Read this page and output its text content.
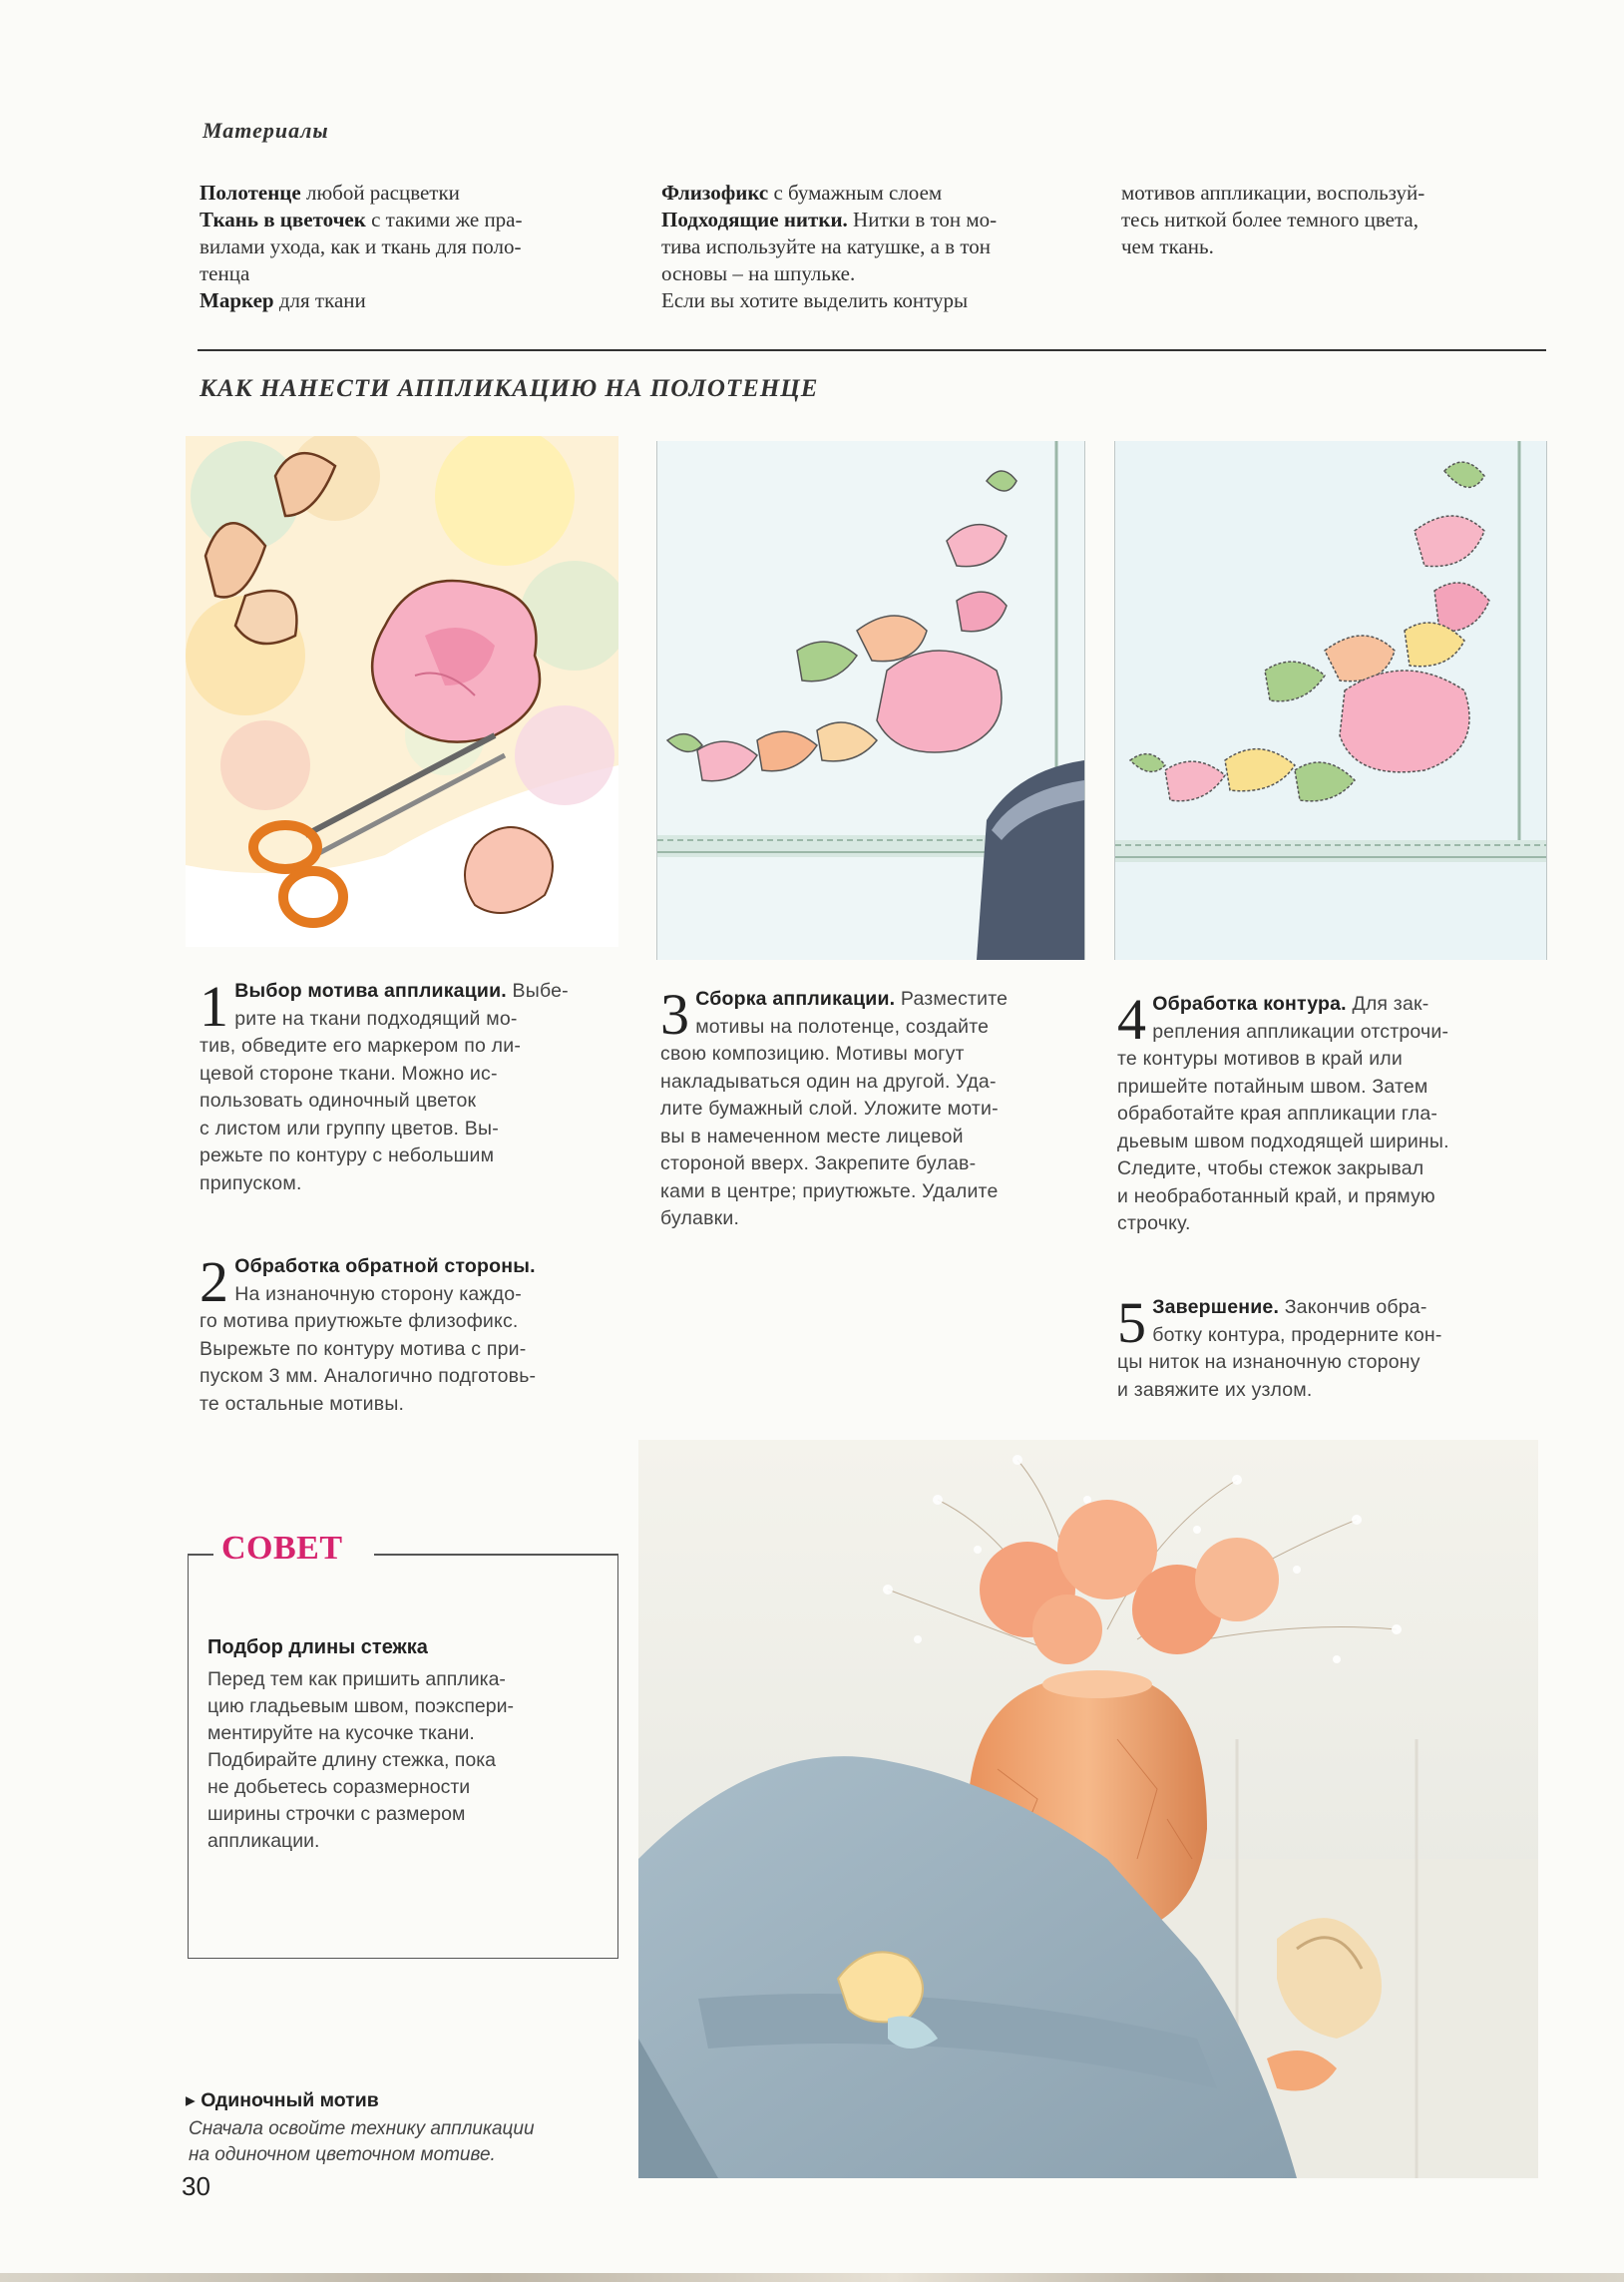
Материалы
Полотенце любой расцветки
Ткань в цветочек с такими же пра-
вилами ухода, как и ткань для поло-
тенца
Маркер для ткани
Флизофикс с бумажным слоем
Подходящие нитки. Нитки в тон мо-
тива используйте на катушке, а в тон
основы – на шпульке.
Если вы хотите выделить контуры
мотивов аппликации, воспользуй-
тесь ниткой более темного цвета,
чем ткань.
КАК НАНЕСТИ АППЛИКАЦИЮ НА ПОЛОТЕНЦЕ
1 Выбор мотива аппликации. Выбе-
рите на ткани подходящий мо-
тив, обведите его маркером по ли-
цевой стороне ткани. Можно ис-
пользовать одиночный цветок
с листом или группу цветов. Вы-
режьте по контуру с небольшим
припуском.
2 Обработка обратной стороны.
На изнаночную сторону каждо-
го мотива приутюжьте флизофикс.
Вырежьте по контуру мотива с при-
пуском 3 мм. Аналогично подготовь-
те остальные мотивы.
3 Сборка аппликации. Разместите
мотивы на полотенце, создайте
свою композицию. Мотивы могут
накладываться один на другой. Уда-
лите бумажный слой. Уложите моти-
вы в намеченном месте лицевой
стороной вверх. Закрепите булав-
ками в центре; приутюжьте. Удалите
булавки.
4 Обработка контура. Для зак-
репления аппликации отстрочи-
те контуры мотивов в край или
пришейте потайным швом. Затем
обработайте края аппликации гла-
дьевым швом подходящей ширины.
Следите, чтобы стежок закрывал
и необработанный край, и прямую
строчку.
5 Завершение. Закончив обра-
ботку контура, продерните кон-
цы ниток на изнаночную сторону
и завяжите их узлом.
СОВЕТ
Подбор длины стежка
Перед тем как пришить апплика-
цию гладьевым швом, поэкспери-
ментируйте на кусочке ткани.
Подбирайте длину стежка, пока
не добьетесь соразмерности
ширины строчки с размером
аппликации.
▸ Одиночный мотив
Сначала освойте технику аппликации
на одиночном цветочном мотиве.
30
